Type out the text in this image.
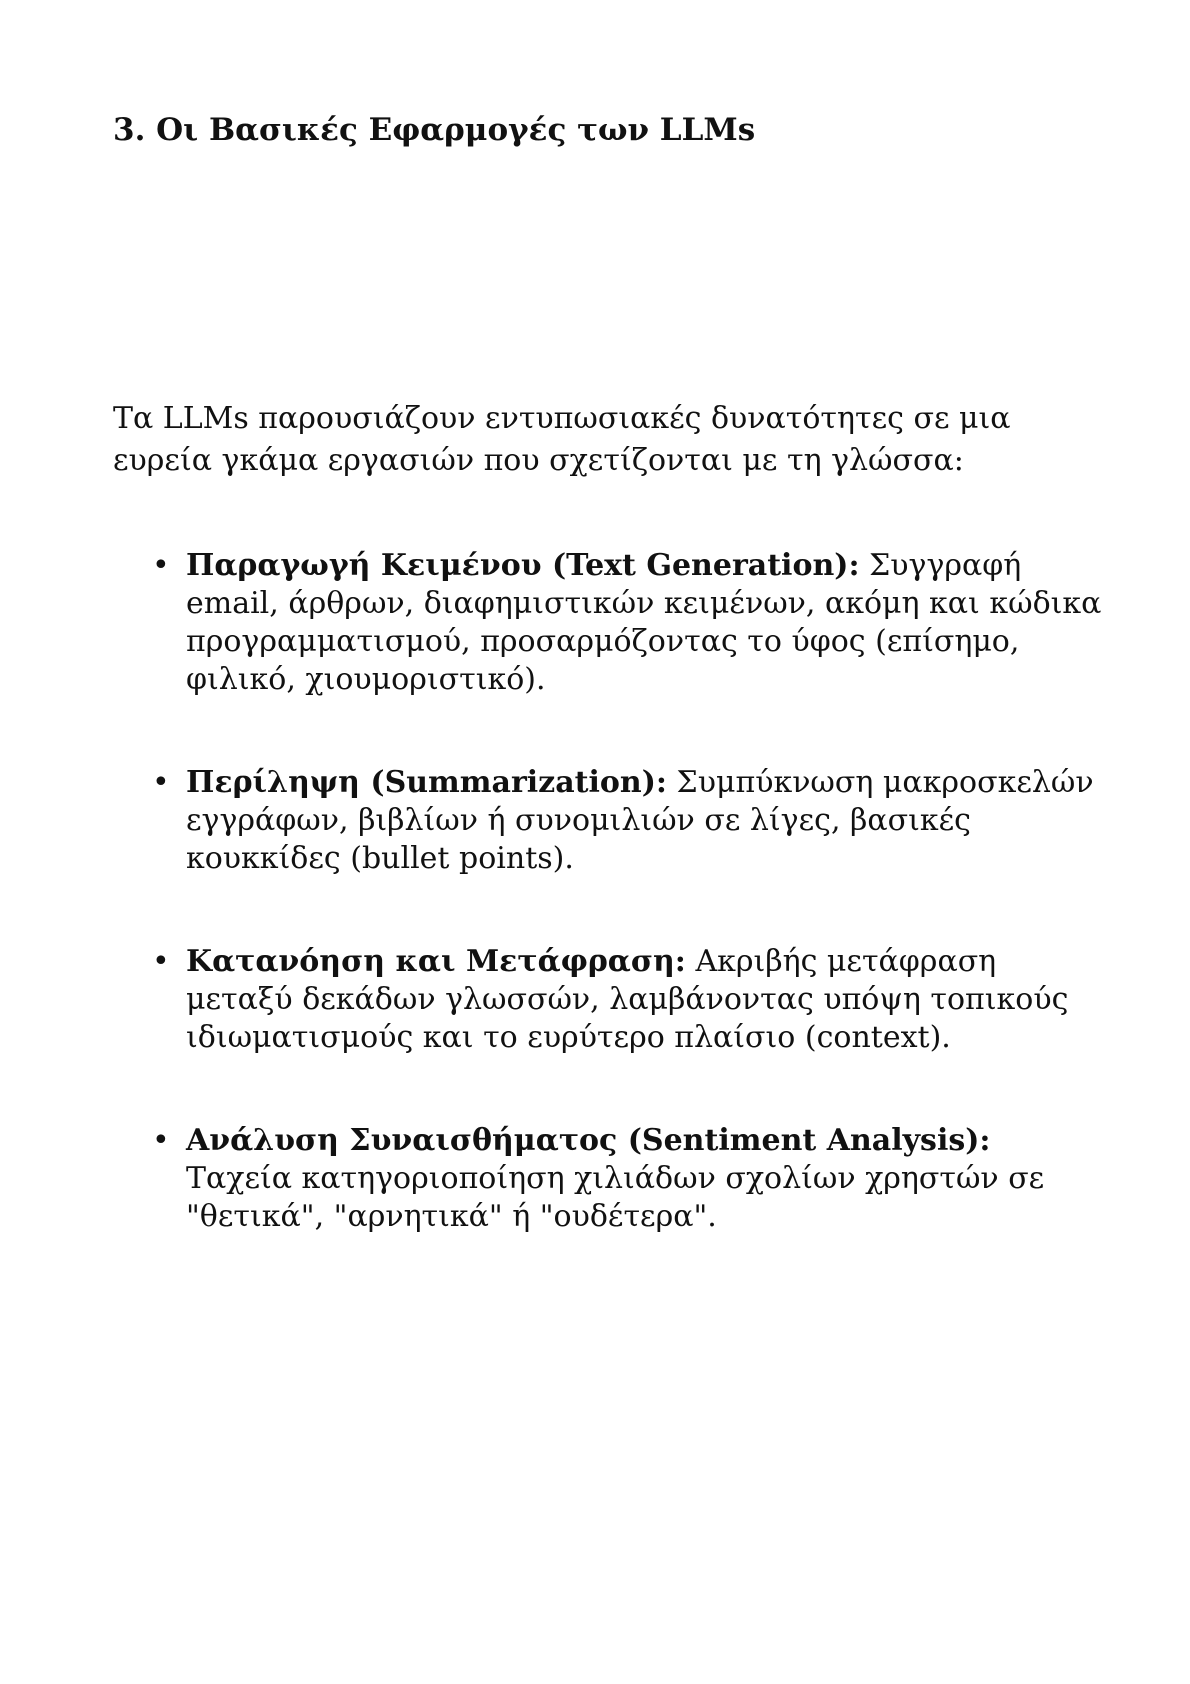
3. Οι Βασικές Εφαρμογές των LLMs

Τα LLMs παρουσιάζουν εντυπωσιακές δυνατότητες σε μια ευρεία γκάμα εργασιών που σχετίζονται με τη γλώσσα:

• Παραγωγή Κειμένου (Text Generation): Συγγραφή email, άρθρων, διαφημιστικών κειμένων, ακόμη και κώδικα προγραμματισμού, προσαρμόζοντας το ύφος (επίσημο, φιλικό, χιουμοριστικό).
• Περίληψη (Summarization): Συμπύκνωση μακροσκελών εγγράφων, βιβλίων ή συνομιλιών σε λίγες, βασικές κουκκίδες (bullet points).
• Κατανόηση και Μετάφραση: Ακριβής μετάφραση μεταξύ δεκάδων γλωσσών, λαμβάνοντας υπόψη τοπικούς ιδιωματισμούς και το ευρύτερο πλαίσιο (context).
• Ανάλυση Συναισθήματος (Sentiment Analysis): Ταχεία κατηγοριοποίηση χιλιάδων σχολίων χρηστών σε "θετικά", "αρνητικά" ή "ουδέτερα".
